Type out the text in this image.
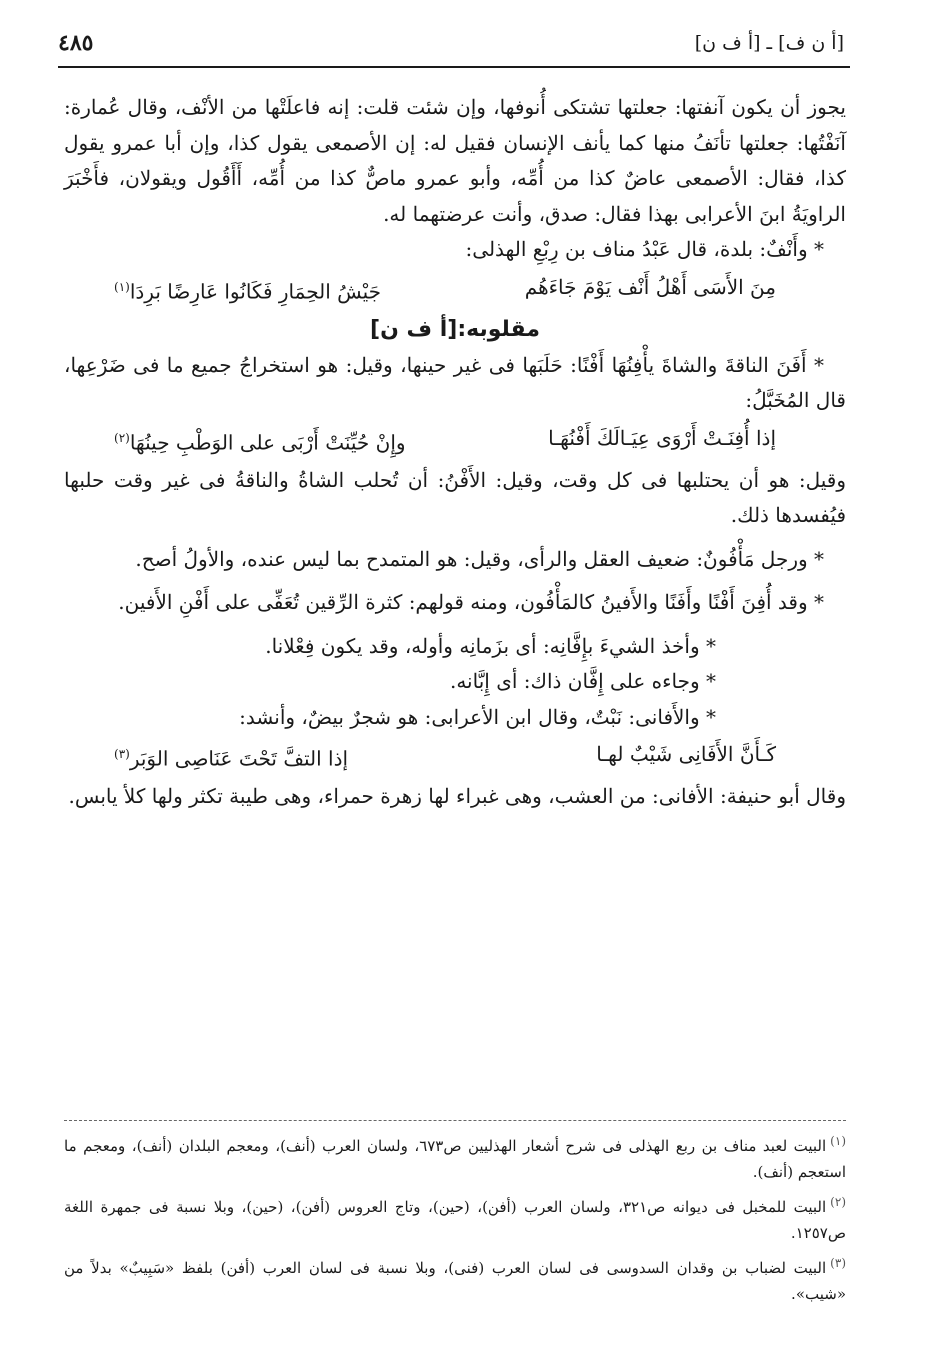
[أ ن ف] ـ [أ ف ن]
٤٨٥

يجوز أن يكون آنفتها: جعلتها تشتكى أُنوفها، وإن شئت قلت: إنه فاعلَتْها من الأنْف، وقال عُمارة: آنَفْتُها: جعلتها تأنَفُ منها كما يأنف الإنسان فقيل له: إن الأصمعى يقول كذا، وإن أبا عمرو يقول كذا، فقال: الأصمعى عاضٌ كذا من أُمِّه، وأبو عمرو ماصٌّ كذا من أُمِّه، أَأَقُول ويقولان، فأَخْبَرَ الراويَةُ ابنَ الأعرابى بهذا فقال: صدق، وأنت عرضتهما له.

* وأَنْفٌ: بلدة، قال عَبْدُ مناف بن رِبْعِ الهذلى:

مِنَ الأَسَى أَهْلُ أَنْف يَوْمَ جَاءَهُم
جَيْشُ الحِمَارِ فَكَانُوا عَارِضًا بَرِدَا$^{(١)}$

مقلوبه:[أ ف ن]

* أَفَنَ الناقةَ والشاةَ يأْفِنُهَا أَفْنًا: حَلَبَها فى غير حينها، وقيل: هو استخراجُ جميع ما فى ضَرْعِها، قال المُخَبَّلُ:

إذا أُفِنَـتْ أَرْوَى عِيَـالَكَ أَفْنُهَـا
وإِنْ حُيِّنَتْ أَرْبَى على الوَطْبِ حِينُهَا$^{(٢)}$

وقيل: هو أن يحتلبها فى كل وقت، وقيل: الأَفْنُ: أن تُحلب الشاةُ والناقةُ فى غير وقت حلبها فيُفسدها ذلك.

* ورجل مَأْفُونٌ: ضعيف العقل والرأى، وقيل: هو المتمدح بما ليس عنده، والأولُ أصح.

* وقد أُفِنَ أَفْنًا وأَفَنًا والأَفينُ كالمَأْفُون، ومنه قولهم: كثرة الرِّقين تُعَفِّى على أَفْنِ الأَفين.

* وأخذ الشيءَ بإِفَّانِه: أى بزَمانِه وأوله، وقد يكون فِعْلانا.

* وجاءه على إِفَّان ذاك: أى إِبَّانه.

* والأَفانى: نَبْتٌ، وقال ابن الأعرابى: هو شجرٌ بيضٌ، وأنشد:

كَـأَنَّ الأَفَانِى شَيْبٌ لهـا
إذا التفَّ تَحْتَ عَنَاصِى الوَبَر$^{(٣)}$

وقال أبو حنيفة: الأفانى: من العشب، وهى غبراء لها زهرة حمراء، وهى طيبة تكثر ولها كلأ يابس.

$^{(١)}$البيت لعبد مناف بن ربع الهذلى فى شرح أشعار الهذليين ص٦٧٣، ولسان العرب (أنف)، ومعجم البلدان (أنف)، ومعجم ما استعجم (أنف).

$^{(٢)}$البيت للمخبل فى ديوانه ص٣٢١، ولسان العرب (أفن)، (حين)، وتاج العروس (أفن)، (حين)، وبلا نسبة فى جمهرة اللغة ص١٢٥٧.

$^{(٣)}$البيت لضباب بن وقدان السدوسى فى لسان العرب (فنى)، وبلا نسبة فى لسان العرب (أفن) بلفظ «سَبِيبٌ» بدلاً من «شيب».
